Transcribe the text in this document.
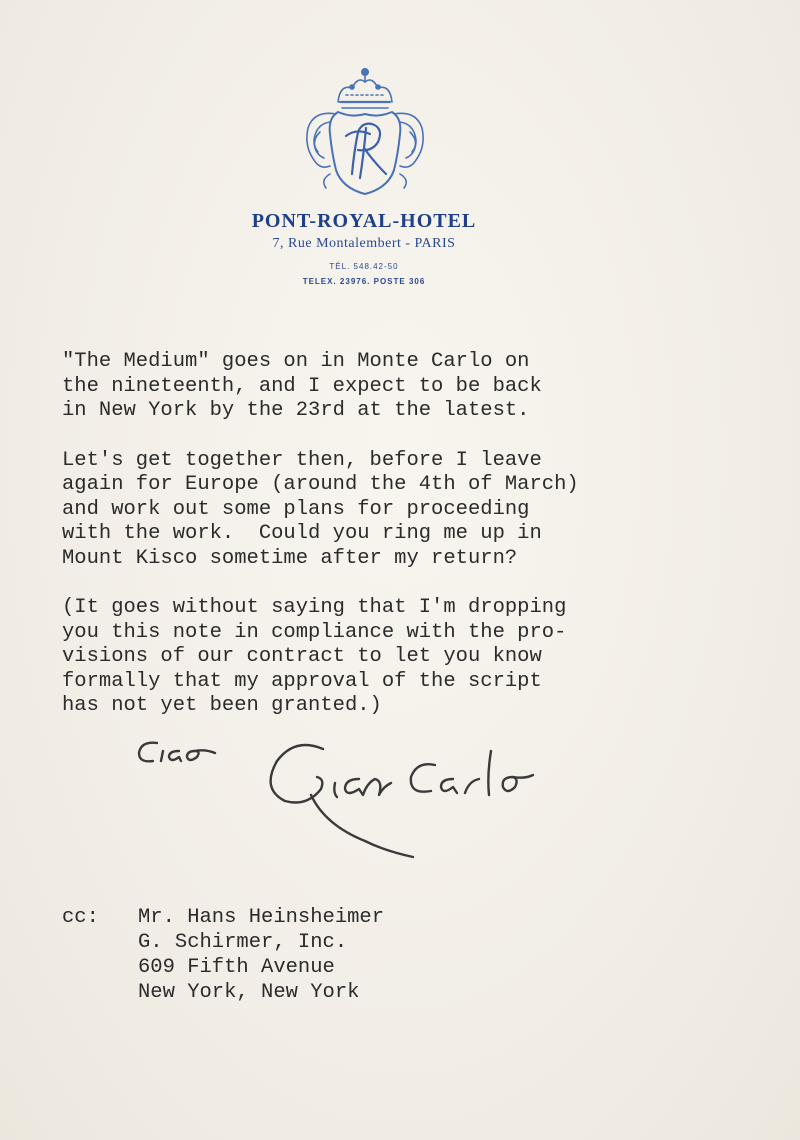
PONT-ROYAL-HOTEL
7, Rue Montalembert - PARIS
TÉL. 548.42-50
TELEX. 23976. POSTE 306
"The Medium" goes on in Monte Carlo on
the nineteenth, and I expect to be back
in New York by the 23rd at the latest.
Let's get together then, before I leave
again for Europe (around the 4th of March)
and work out some plans for proceeding
with the work.  Could you ring me up in
Mount Kisco sometime after my return?
(It goes without saying that I'm dropping
you this note in compliance with the pro-
visions of our contract to let you know
formally that my approval of the script
has not yet been granted.)
cc: Mr. Hans Heinsheimer
G. Schirmer, Inc.
609 Fifth Avenue
New York, New York
